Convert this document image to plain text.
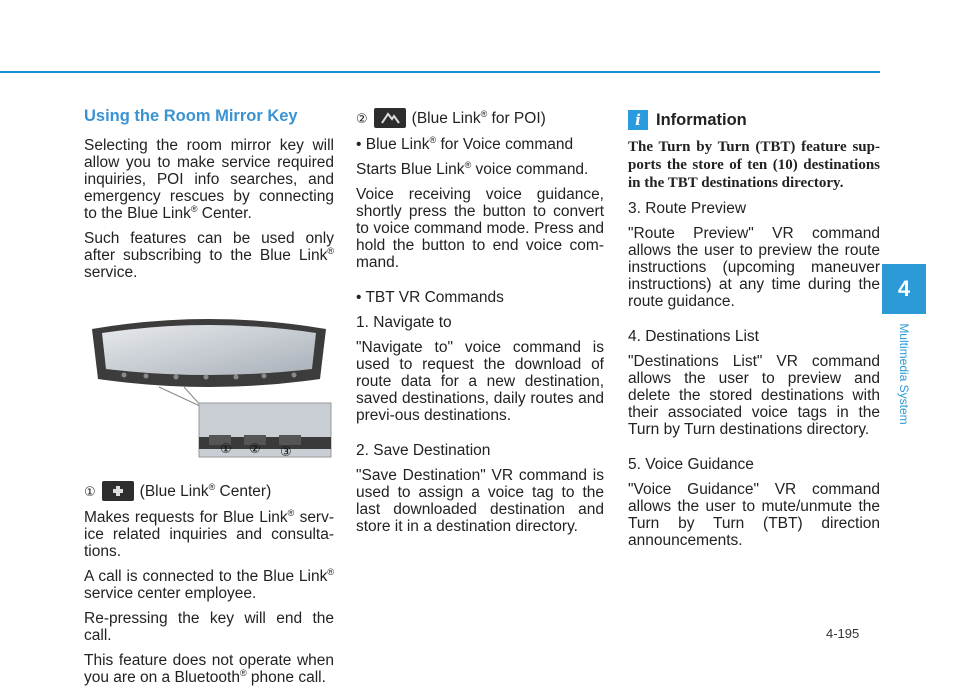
Using the Room Mirror Key

Selecting the room mirror key will allow you to make service required inquiries, POI info searches, and emergency rescues by connecting to the Blue Link® Center.

Such features can be used only after subscribing to the Blue Link® service.

① ② ③
①	(Blue Link® Center)

Makes requests for Blue Link® serv-ice related inquiries and consulta-tions.

A call is connected to the Blue Link® service center employee.

Re-pressing the key will end the call.

This feature does not operate when you are on a Bluetooth® phone call.

②	(Blue Link® for POI)

• Blue Link® for Voice command

Starts Blue Link® voice command.

Voice receiving voice guidance, shortly press the button to convert to voice command mode. Press and hold the button to end voice com-mand.

• TBT VR Commands

1. Navigate to

"Navigate to" voice command is used to request the download of route data for a new destination, saved destinations, daily routes and previ-ous destinations.

2. Save Destination

"Save Destination" VR command is used to assign a voice tag to the last downloaded destination and store it in a destination directory.

i Information

The Turn by Turn (TBT) feature sup-ports the store of ten (10) destinations in the TBT destinations directory.

3. Route Preview

"Route Preview" VR command allows the user to preview the route instructions (upcoming maneuver instructions) at any time during the route guidance.

4. Destinations List

"Destinations List" VR command allows the user to preview and delete the stored destinations with their associated voice tags in the Turn by Turn destinations directory.

5. Voice Guidance

"Voice Guidance" VR command allows the user to mute/unmute the Turn by Turn (TBT) direction announcements.

4
Multimedia System
4-195
